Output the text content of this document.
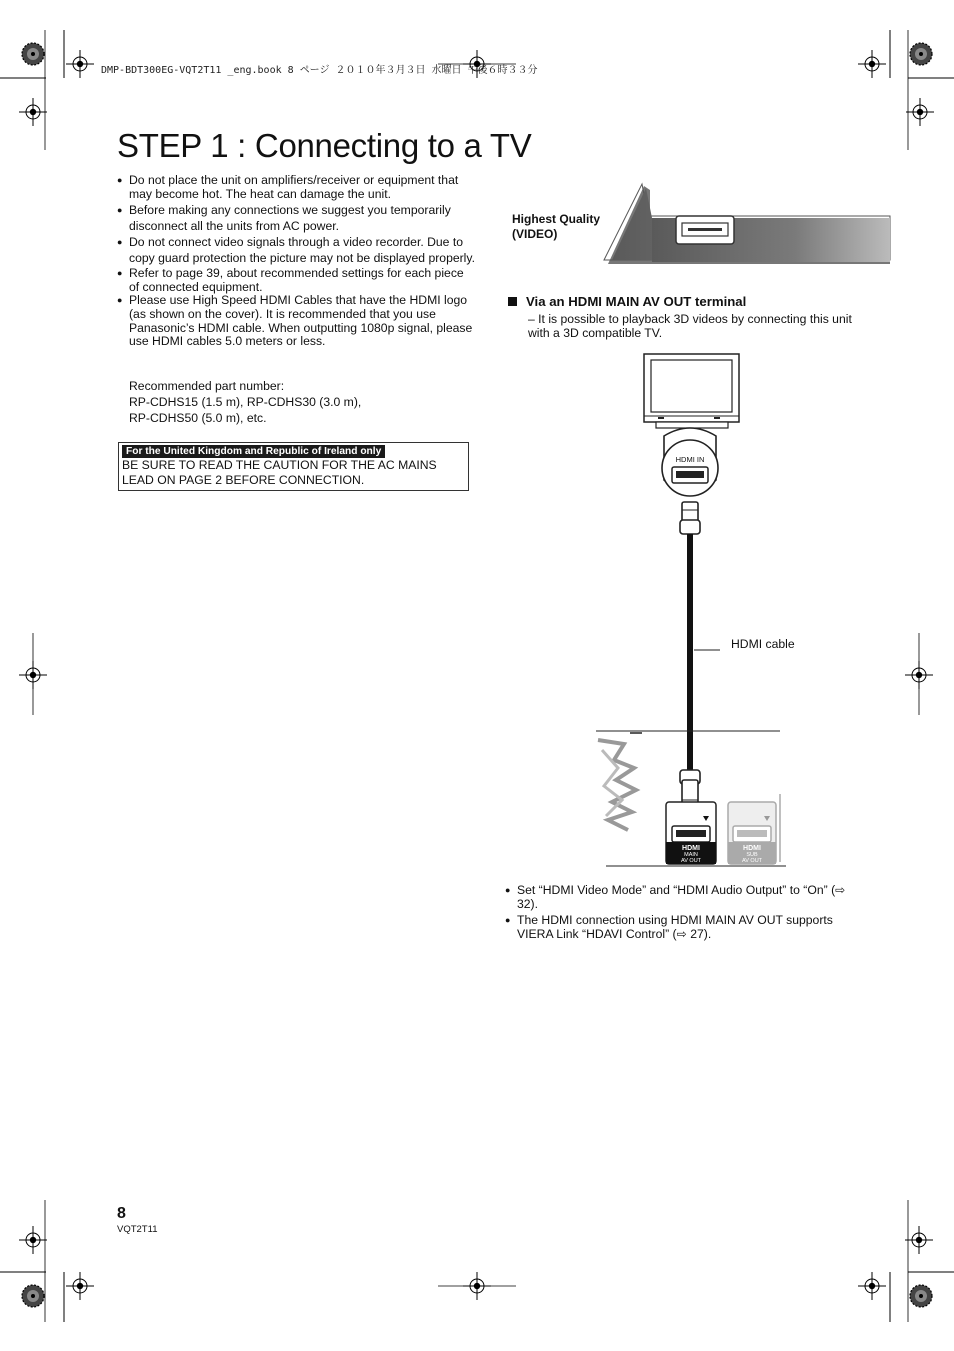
DMP-BDT300EG-VQT2T11 _eng.book 8 ページ ２０１０年３月３日 水曜日 午後６時３３分
STEP 1 : Connecting to a TV
● Do not place the unit on amplifiers/receiver or equipment that may become hot. The heat can damage the unit.
● Before making any connections we suggest you temporarily disconnect all the units from AC power.
● Do not connect video signals through a video recorder. Due to copy guard protection the picture may not be displayed properly.
● Refer to page 39, about recommended settings for each piece of connected equipment.
● Please use High Speed HDMI Cables that have the HDMI logo (as shown on the cover). It is recommended that you use Panasonic’s HDMI cable. When outputting 1080p signal, please use HDMI cables 5.0 meters or less.
Recommended part number:
RP-CDHS15 (1.5 m), RP-CDHS30 (3.0 m),
RP-CDHS50 (5.0 m), etc.
For the United Kingdom and Republic of Ireland only
BE SURE TO READ THE CAUTION FOR THE AC MAINS LEAD ON PAGE 2 BEFORE CONNECTION.
Highest Quality
(VIDEO)
Via an HDMI MAIN AV OUT terminal
– It is possible to playback 3D videos by connecting this unit with a 3D compatible TV.
HDMI IN
HDMI
MAIN
AV OUT
HDMI
SUB
AV OUT
HDMI cable
● Set “HDMI Video Mode” and “HDMI Audio Output” to “On” (⇨ 32).
● The HDMI connection using HDMI MAIN AV OUT supports VIERA Link “HDAVI Control” (⇨ 27).
8
VQT2T11
